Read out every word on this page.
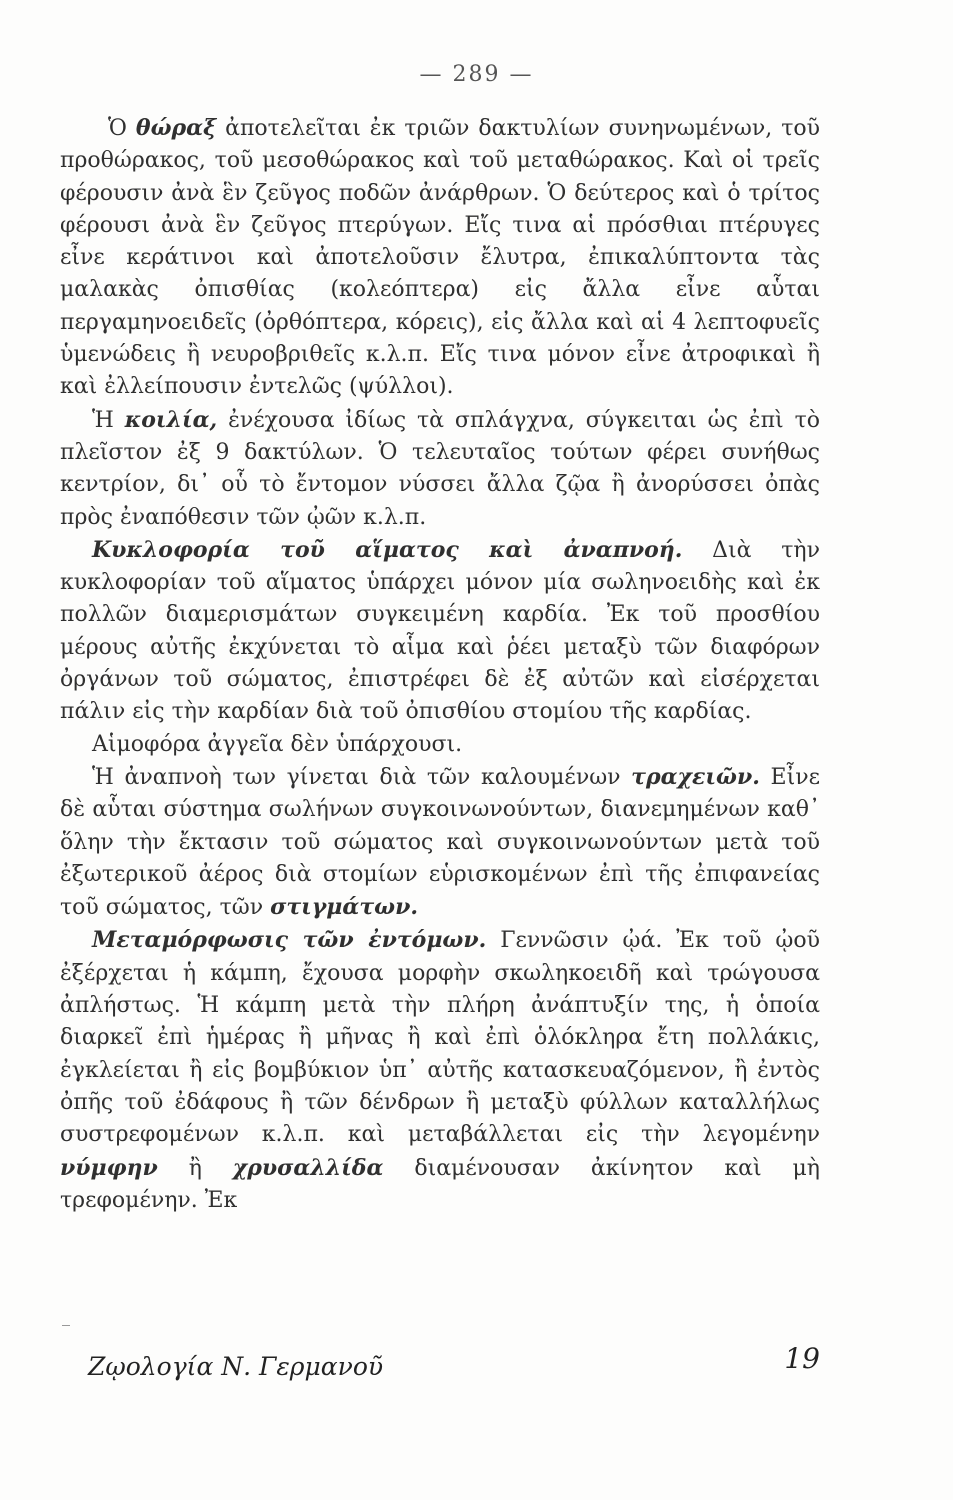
— 289 —

Ὁ θώραξ ἀποτελεῖται ἐκ τριῶν δακτυλίων συνηνωμένων, τοῦ προθώρακος, τοῦ μεσοθώρακος καὶ τοῦ μεταθώρακος. Καὶ οἱ τρεῖς φέρουσιν ἀνὰ ἓν ζεῦγος ποδῶν ἀνάρθρων. Ὁ δεύτερος καὶ ὁ τρίτος φέρουσι ἀνὰ ἓν ζεῦγος πτερύγων. Εἴς τινα αἱ πρόσθιαι πτέρυγες εἶνε κεράτινοι καὶ ἀποτελοῦσιν ἔλυτρα, ἐπικαλύπτοντα τὰς μαλακὰς ὀπισθίας (κολεόπτερα) εἰς ἄλλα εἶνε αὗται περγαμηνοειδεῖς (ὀρθόπτερα, κόρεις), εἰς ἄλλα καὶ αἱ 4 λεπτοφυεῖς ὑμενώδεις ἢ νευροβριθεῖς κ.λ.π. Εἴς τινα μόνον εἶνε ἀτροφικαὶ ἢ καὶ ἐλλείπουσιν ἐντελῶς (ψύλλοι).

Ἡ κοιλία, ἐνέχουσα ἰδίως τὰ σπλάγχνα, σύγκειται ὡς ἐπὶ τὸ πλεῖστον ἐξ 9 δακτύλων. Ὁ τελευταῖος τούτων φέρει συνήθως κεντρίον, δι᾿ οὗ τὸ ἔντομον νύσσει ἄλλα ζῷα ἢ ἀνορύσσει ὀπὰς πρὸς ἐναπόθεσιν τῶν ᾠῶν κ.λ.π.

Κυκλοφορία τοῦ αἵματος καὶ ἀναπνοή. Διὰ τὴν κυκλοφορίαν τοῦ αἵματος ὑπάρχει μόνον μία σωληνοειδὴς καὶ ἐκ πολλῶν διαμερισμάτων συγκειμένη καρδία. Ἐκ τοῦ προσθίου μέρους αὐτῆς ἐκχύνεται τὸ αἷμα καὶ ῥέει μεταξὺ τῶν διαφόρων ὀργάνων τοῦ σώματος, ἐπιστρέφει δὲ ἐξ αὐτῶν καὶ εἰσέρχεται πάλιν εἰς τὴν καρδίαν διὰ τοῦ ὀπισθίου στομίου τῆς καρδίας.

Αἱμοφόρα ἀγγεῖα δὲν ὑπάρχουσι.

Ἡ ἀναπνοὴ των γίνεται διὰ τῶν καλουμένων τραχειῶν. Εἶνε δὲ αὗται σύστημα σωλήνων συγκοινωνούντων, διανεμημένων καθ᾿ ὅλην τὴν ἔκτασιν τοῦ σώματος καὶ συγκοινωνούντων μετὰ τοῦ ἐξωτερικοῦ ἀέρος διὰ στομίων εὑρισκομένων ἐπὶ τῆς ἐπιφανείας τοῦ σώματος, τῶν στιγμάτων.

Μεταμόρφωσις τῶν ἐντόμων. Γεννῶσιν ᾠά. Ἐκ τοῦ ᾠοῦ ἐξέρχεται ἡ κάμπη, ἔχουσα μορφὴν σκωληκοειδῆ καὶ τρώγουσα ἀπλήστως. Ἡ κάμπη μετὰ τὴν πλήρη ἀνάπτυξίν της, ἡ ὁποία διαρκεῖ ἐπὶ ἡμέρας ἢ μῆνας ἢ καὶ ἐπὶ ὁλόκληρα ἔτη πολλάκις, ἐγκλείεται ἢ εἰς βομβύκιον ὑπ᾿ αὐτῆς κατασκευαζόμενον, ἢ ἐντὸς ὀπῆς τοῦ ἐδάφους ἢ τῶν δένδρων ἢ μεταξὺ φύλλων καταλλήλως συστρεφομένων κ.λ.π. καὶ μεταβάλλεται εἰς τὴν λεγομένην νύμφην ἢ χρυσαλλίδα διαμένουσαν ἀκίνητον καὶ μὴ τρεφομένην. Ἐκ

Ζῳολογία Ν. Γερμανοῦ	19
